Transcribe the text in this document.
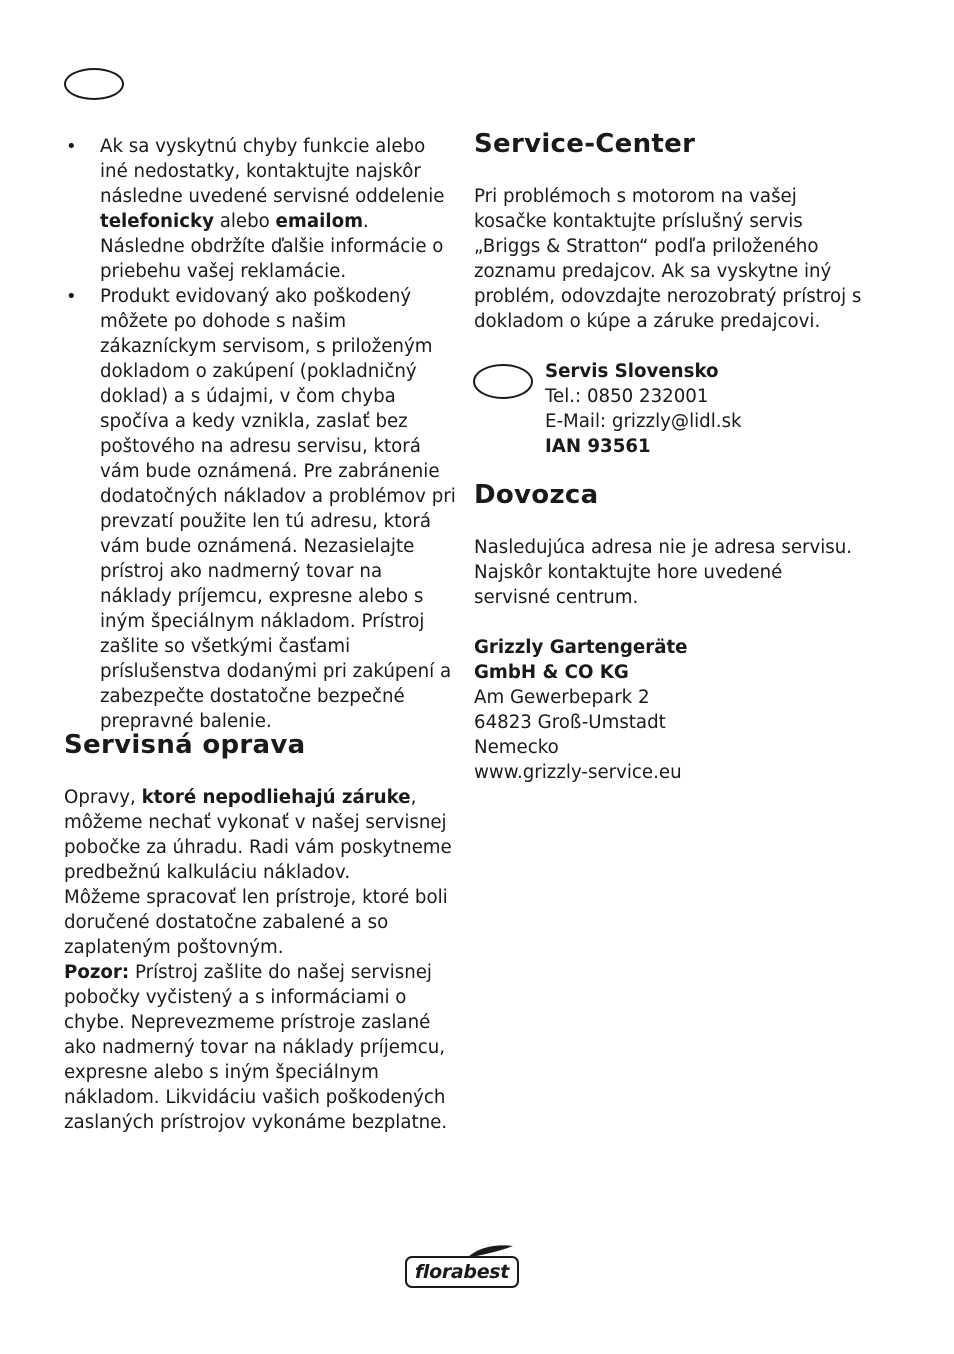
• Ak sa vyskytnú chyby funkcie alebo iné nedostatky, kontaktujte najskôr následne uvedené servisné oddelenie telefonicky alebo emailom. Následne obdržíte ďalšie informácie o priebehu vašej reklamácie.
• Produkt evidovaný ako poškodený môžete po dohode s našim zákazníckym servisom, s priloženým dokladom o zakúpení (pokladničný doklad) a s údajmi, v čom chyba spočíva a kedy vznikla, zaslať bez poštového na adresu servisu, ktorá vám bude oznámená. Pre zabránenie dodatočných nákladov a problémov pri prevzatí použite len tú adresu, ktorá vám bude oznámená. Nezasielajte prístroj ako nadmerný tovar na náklady príjemcu, expresne alebo s iným špeciálnym nákladom. Prístroj zašlite so všetkými časťami príslušenstva dodanými pri zakúpení a zabezpečte dostatočne bezpečné prepravné balenie.
Servisná oprava

Opravy, ktoré nepodliehajú záruke, môžeme nechať vykonať v našej servisnej pobočke za úhradu. Radi vám poskytneme predbežnú kalkuláciu nákladov.

Môžeme spracovať len prístroje, ktoré boli doručené dostatočne zabalené a so zaplateným poštovným.

Pozor: Prístroj zašlite do našej servisnej pobočky vyčistený a s informáciami o chybe. Neprevezmeme prístroje zaslané ako nadmerný tovar na náklady príjemcu, expresne alebo s iným špeciálnym nákladom. Likvidáciu vašich poškodených zaslaných prístrojov vykonáme bezplatne.

Service-Center

Pri problémoch s motorom na vašej kosačke kontaktujte príslušný servis „Briggs & Stratton“ podľa priloženého zoznamu predajcov. Ak sa vyskytne iný problém, odovzdajte nerozobratý prístroj s dokladom o kúpe a záruke predajcovi.

Servis Slovensko
Tel.: 0850 232001
E-Mail: grizzly@lidl.sk
IAN 93561
Dovozca

Nasledujúca adresa nie je adresa servisu. Najskôr kontaktujte hore uvedené servisné centrum.

Grizzly Gartengeräte
GmbH & CO KG
Am Gewerbepark 2
64823 Groß-Umstadt
Nemecko
www.grizzly-service.eu
florabest
